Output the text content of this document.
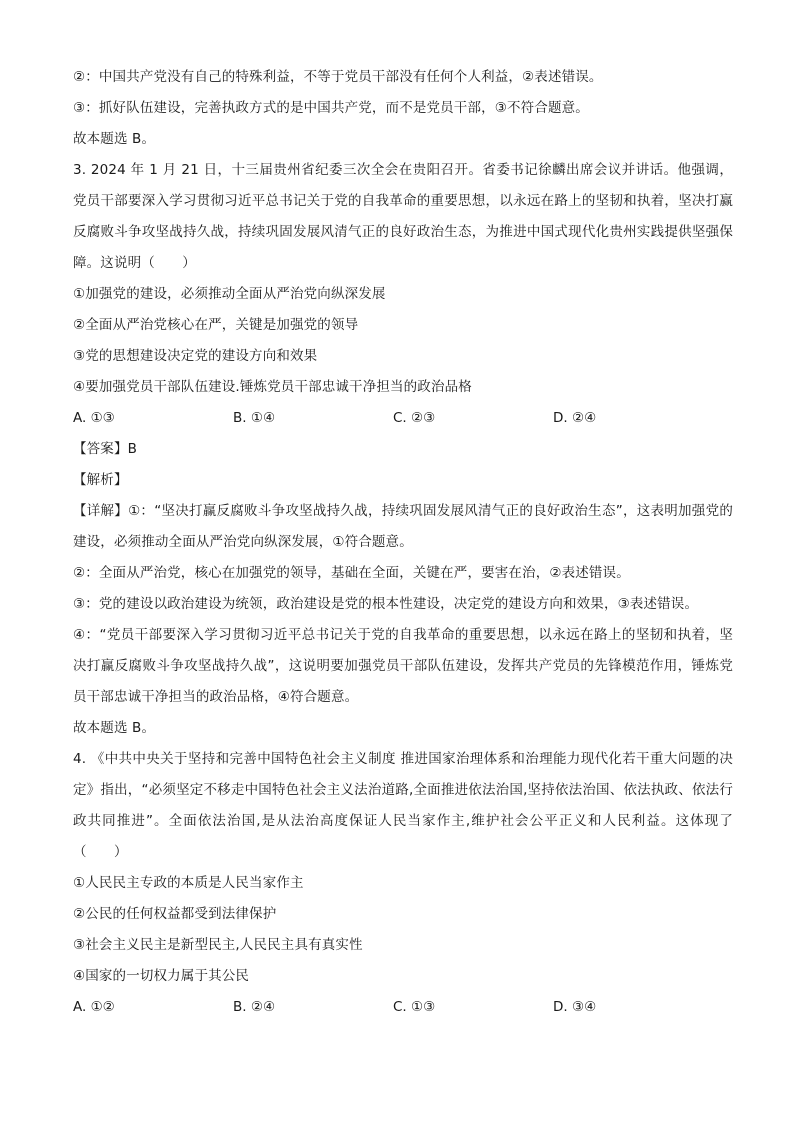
②：中国共产党没有自己的特殊利益，不等于党员干部没有任何个人利益，②表述错误。
③：抓好队伍建设，完善执政方式的是中国共产党，而不是党员干部，③不符合题意。
故本题选 B。
3. 2024 年 1 月 21 日，十三届贵州省纪委三次全会在贵阳召开。省委书记徐麟出席会议并讲话。他强调，党员干部要深入学习贯彻习近平总书记关于党的自我革命的重要思想，以永远在路上的坚韧和执着，坚决打赢反腐败斗争攻坚战持久战，持续巩固发展风清气正的良好政治生态，为推进中国式现代化贵州实践提供坚强保障。这说明（　　）
①加强党的建设，必须推动全面从严治党向纵深发展
②全面从严治党核心在严，关键是加强党的领导
③党的思想建设决定党的建设方向和效果
④要加强党员干部队伍建设.锤炼党员干部忠诚干净担当的政治品格
A. ①③	B. ①④	C. ②③	D. ②④
【答案】B
【解析】
【详解】①：“坚决打赢反腐败斗争攻坚战持久战，持续巩固发展风清气正的良好政治生态”，这表明加强党的建设，必须推动全面从严治党向纵深发展，①符合题意。
②：全面从严治党，核心在加强党的领导，基础在全面，关键在严，要害在治，②表述错误。
③：党的建设以政治建设为统领，政治建设是党的根本性建设，决定党的建设方向和效果，③表述错误。
④：“党员干部要深入学习贯彻习近平总书记关于党的自我革命的重要思想，以永远在路上的坚韧和执着，坚决打赢反腐败斗争攻坚战持久战”，这说明要加强党员干部队伍建设，发挥共产党员的先锋模范作用，锤炼党员干部忠诚干净担当的政治品格，④符合题意。
故本题选 B。
4. 《中共中央关于坚持和完善中国特色社会主义制度 推进国家治理体系和治理能力现代化若干重大问题的决定》指出，“必须坚定不移走中国特色社会主义法治道路,全面推进依法治国,坚持依法治国、依法执政、依法行政共同推进”。全面依法治国,是从法治高度保证人民当家作主,维护社会公平正义和人民利益。这体现了（　　）
①人民民主专政的本质是人民当家作主
②公民的任何权益都受到法律保护
③社会主义民主是新型民主,人民民主具有真实性
④国家的一切权力属于其公民
A. ①②	B. ②④	C. ①③	D. ③④
